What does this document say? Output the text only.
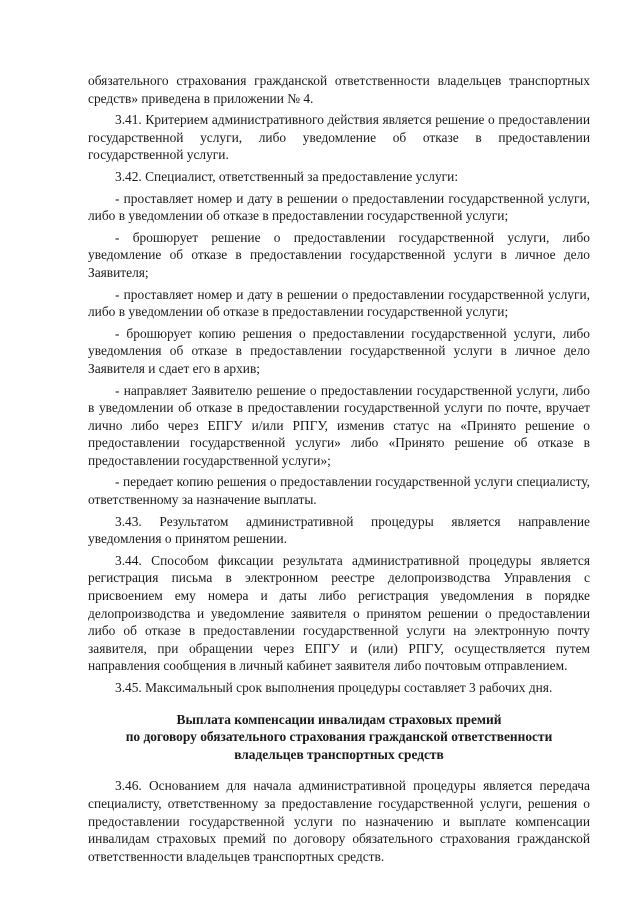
обязательного страхования гражданской ответственности владельцев транспортных средств» приведена в приложении № 4.

3.41. Критерием административного действия является решение о предоставлении государственной услуги, либо уведомление об отказе в предоставлении государственной услуги.

3.42. Специалист, ответственный за предоставление услуги:

- проставляет номер и дату в решении о предоставлении государственной услуги, либо в уведомлении об отказе в предоставлении государственной услуги;

- брошюрует решение о предоставлении государственной услуги, либо уведомление об отказе в предоставлении государственной услуги в личное дело Заявителя;

- проставляет номер и дату в решении о предоставлении государственной услуги, либо в уведомлении об отказе в предоставлении государственной услуги;

- брошюрует копию решения о предоставлении государственной услуги, либо уведомления об отказе в предоставлении государственной услуги в личное дело Заявителя и сдает его в архив;

- направляет Заявителю решение о предоставлении государственной услуги, либо в уведомлении об отказе в предоставлении государственной услуги по почте, вручает лично либо через ЕПГУ и/или РПГУ, изменив статус на «Принято решение о предоставлении государственной услуги» либо «Принято решение об отказе в предоставлении государственной услуги»;

- передает копию решения о предоставлении государственной услуги специалисту, ответственному за назначение выплаты.

3.43. Результатом административной процедуры является направление уведомления о принятом решении.

3.44. Способом фиксации результата административной процедуры является регистрация письма в электронном реестре делопроизводства Управления с присвоением ему номера и даты либо регистрация уведомления в порядке делопроизводства и уведомление заявителя о принятом решении о предоставлении либо об отказе в предоставлении государственной услуги на электронную почту заявителя, при обращении через ЕПГУ и (или) РПГУ, осуществляется путем направления сообщения в личный кабинет заявителя либо почтовым отправлением.

3.45. Максимальный срок выполнения процедуры составляет 3 рабочих дня.

Выплата компенсации инвалидам страховых премий
по договору обязательного страхования гражданской ответственности
владельцев транспортных средств

3.46. Основанием для начала административной процедуры является передача специалисту, ответственному за предоставление государственной услуги, решения о предоставлении государственной услуги по назначению и выплате компенсации инвалидам страховых премий по договору обязательного страхования гражданской ответственности владельцев транспортных средств.
